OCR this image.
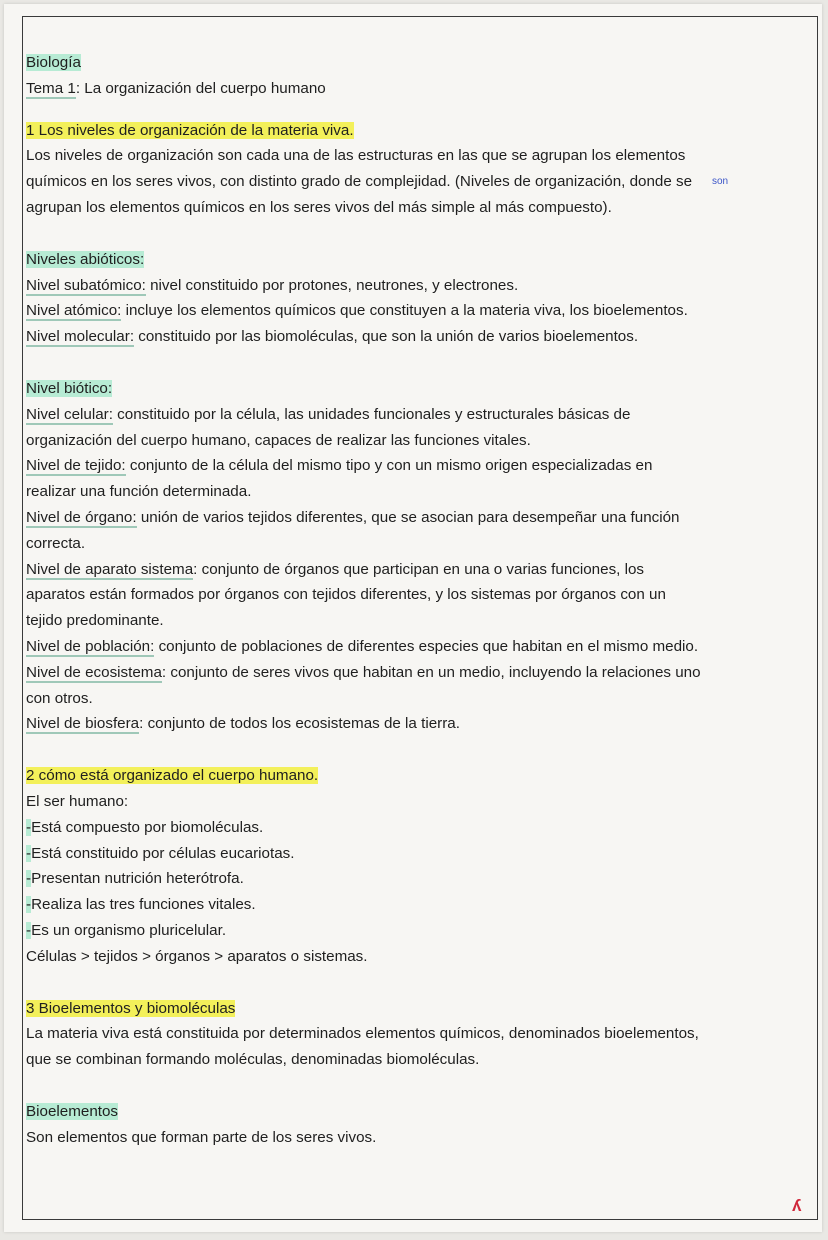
son

Biología

Tema 1: La organización del cuerpo humano

1 Los niveles de organización de la materia viva.

Los niveles de organización son cada una de las estructuras en las que se agrupan los elementos

químicos en los seres vivos, con distinto grado de complejidad. (Niveles de organización, donde se

agrupan los elementos químicos en los seres vivos del más simple al más compuesto).

Niveles abióticos:

Nivel subatómico: nivel constituido por protones, neutrones, y electrones.

Nivel atómico: incluye los elementos químicos que constituyen a la materia viva, los bioelementos.

Nivel molecular: constituido por las biomoléculas, que son la unión de varios bioelementos.

Nivel biótico:

Nivel celular: constituido por la célula, las unidades funcionales y estructurales básicas de

organización del cuerpo humano, capaces de realizar las funciones vitales.

Nivel de tejido: conjunto de la célula del mismo tipo y con un mismo origen especializadas en

realizar una función determinada.

Nivel de órgano: unión de varios tejidos diferentes, que se asocian para desempeñar una función

correcta.

Nivel de aparato sistema: conjunto de órganos que participan en una o varias funciones, los

aparatos están formados por órganos con tejidos diferentes, y los sistemas por órganos con un

tejido predominante.

Nivel de población: conjunto de poblaciones de diferentes especies que habitan en el mismo medio.

Nivel de ecosistema: conjunto de seres vivos que habitan en un medio, incluyendo la relaciones uno

con otros.

Nivel de biosfera: conjunto de todos los ecosistemas de la tierra.

2 cómo está organizado el cuerpo humano.

El ser humano:

-Está compuesto por biomoléculas.

-Está constituido por células eucariotas.

-Presentan nutrición heterótrofa.

-Realiza las tres funciones vitales.

-Es un organismo pluricelular.

Células > tejidos > órganos > aparatos o sistemas.

3 Bioelementos y biomoléculas

La materia viva está constituida por determinados elementos químicos, denominados bioelementos,

que se combinan formando moléculas, denominadas biomoléculas.

Bioelementos

Son elementos que forman parte de los seres vivos.

ʎ
